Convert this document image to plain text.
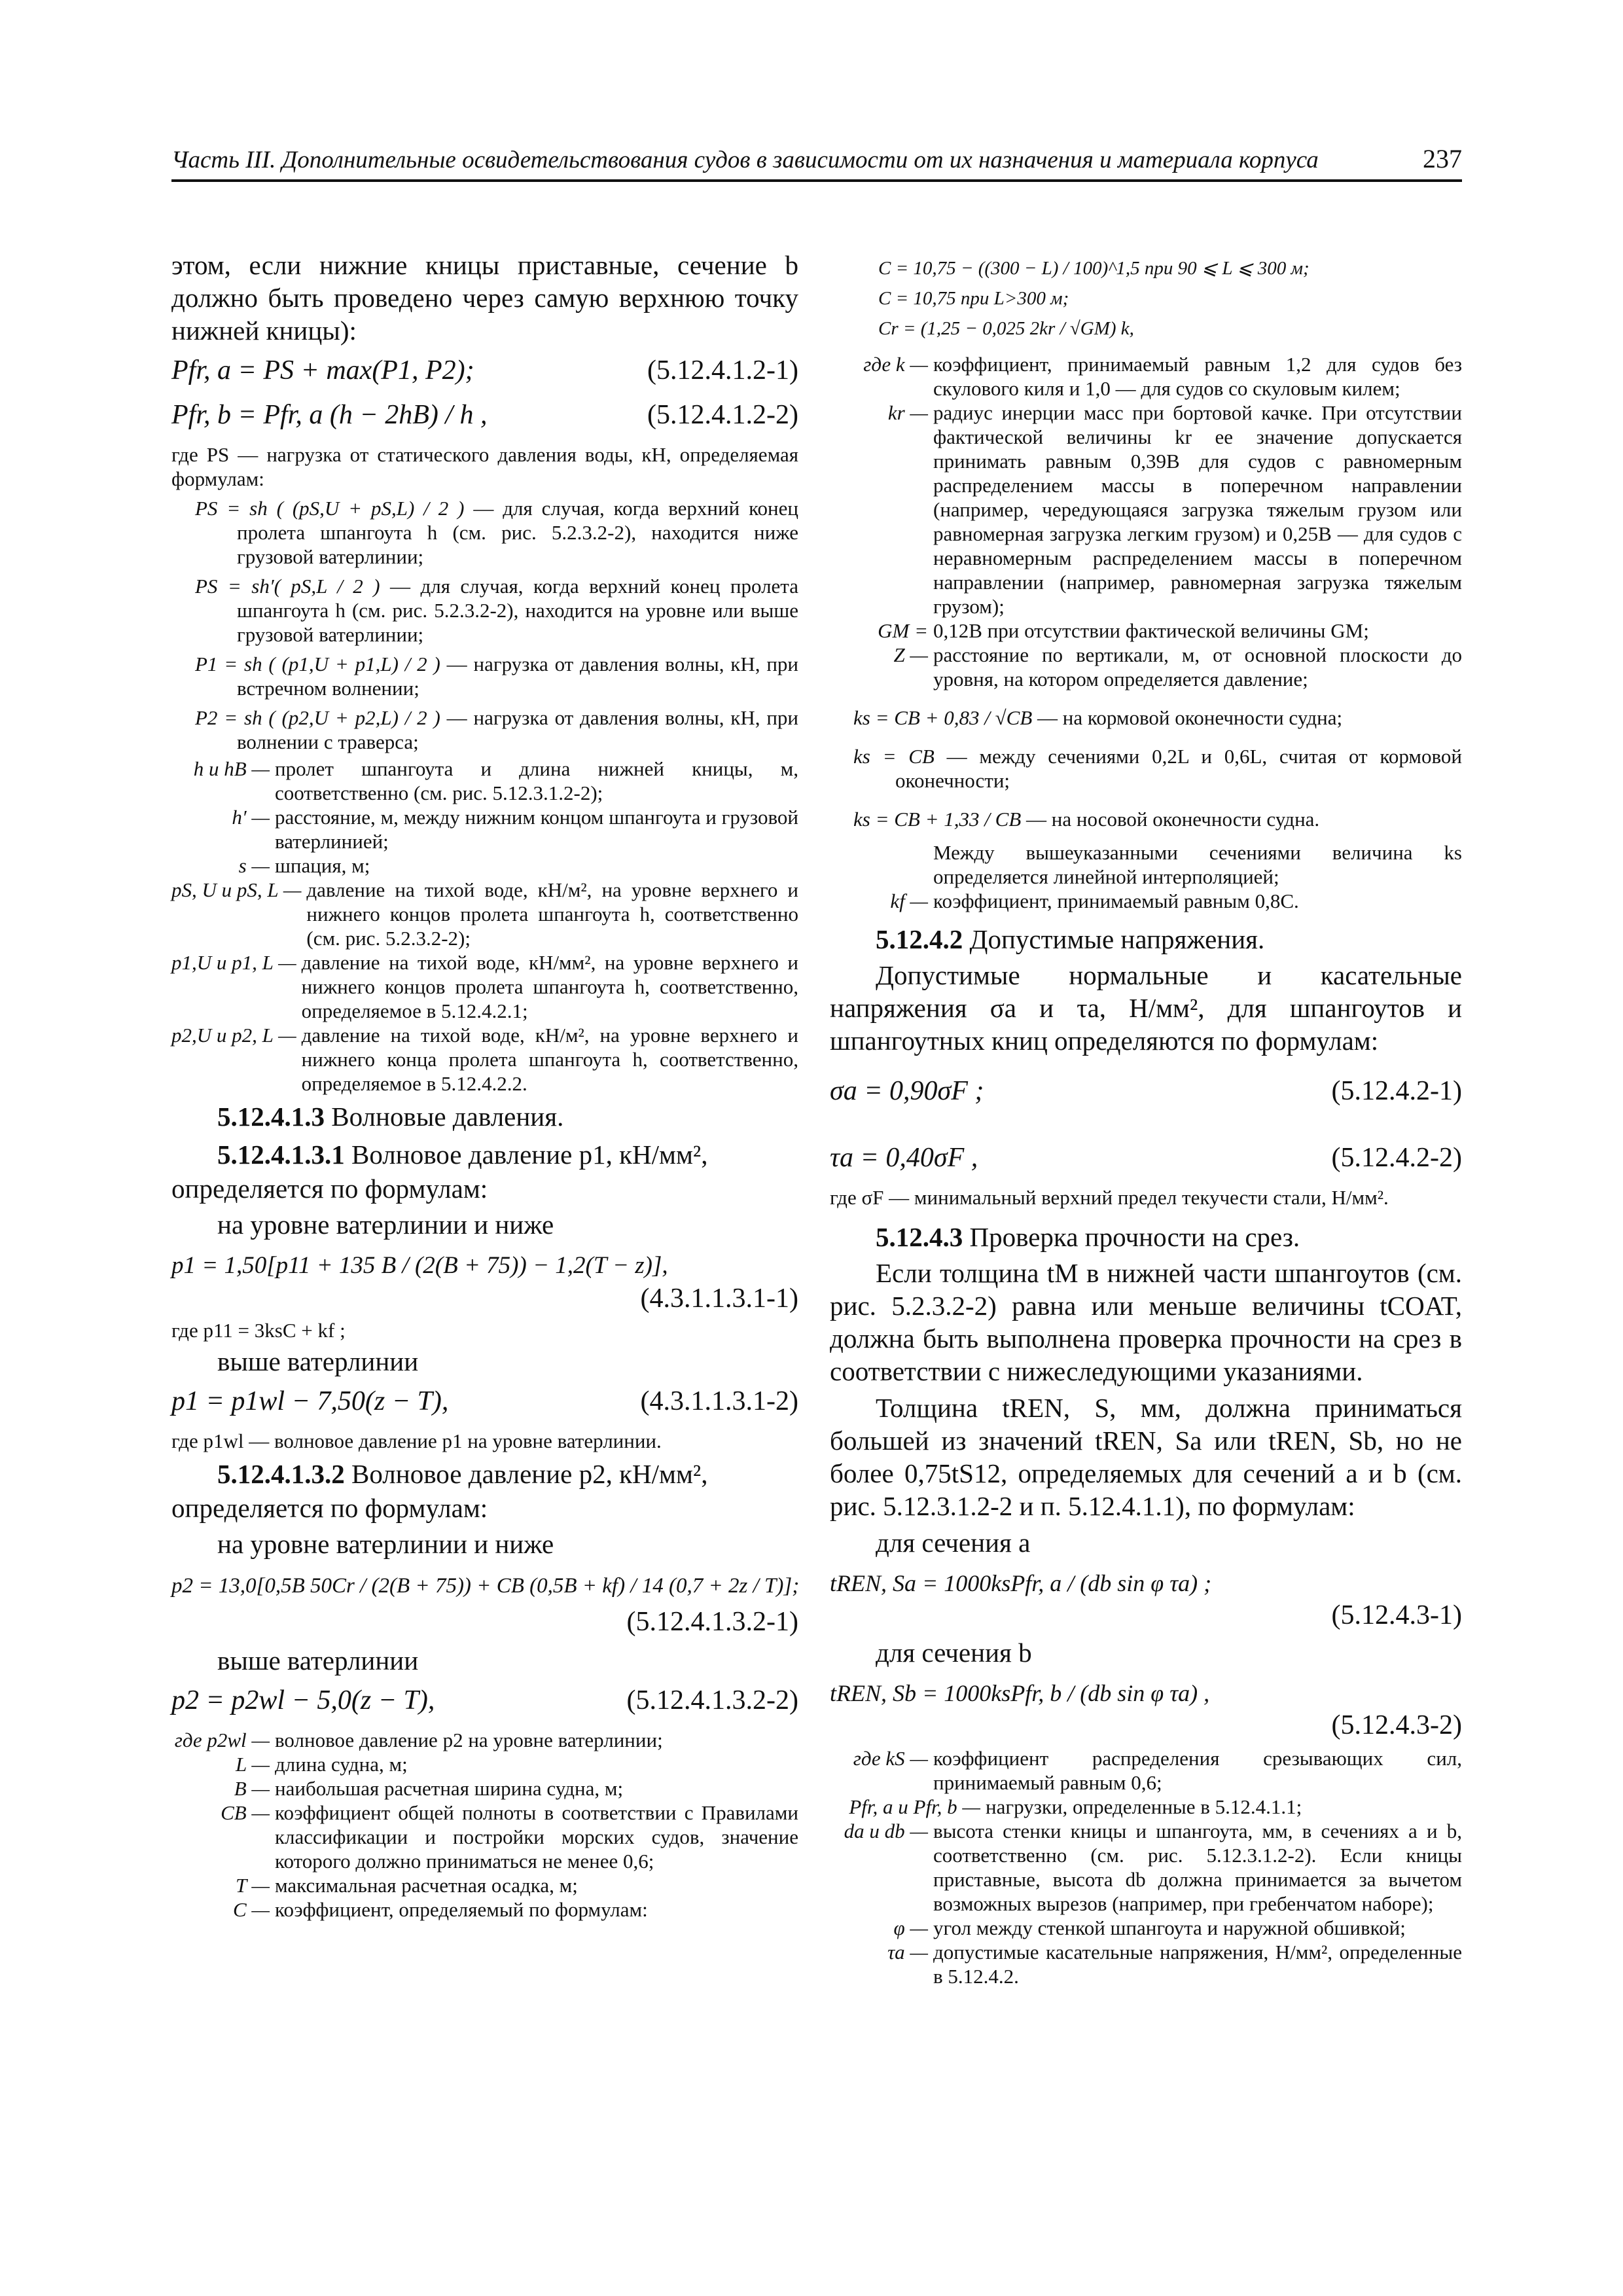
Часть III. Дополнительные освидетельствования судов в зависимости от их назначения и материала корпуса	237

этом, если нижние кницы приставные, сечение b должно быть проведено через самую верхнюю точку нижней кницы):

Pfr, a = PS + max(P1, P2);	(5.12.4.1.2-1)
Pfr, b = Pfr, a (h − 2hB) / h ,	(5.12.4.1.2-2)

где PS — нагрузка от статического давления воды, кН, определяемая формулам:

PS = sh ( (pS,U + pS,L) / 2 ) — для случая, когда верхний конец пролета шпангоута h (см. рис. 5.2.3.2-2), находится ниже грузовой ватерлинии;

PS = sh′( pS,L / 2 ) — для случая, когда верхний конец пролета шпангоута h (см. рис. 5.2.3.2-2), находится на уровне или выше грузовой ватерлинии;

P1 = sh ( (p1,U + p1,L) / 2 ) — нагрузка от давления волны, кН, при встречном волнении;

P2 = sh ( (p2,U + p2,L) / 2 ) — нагрузка от давления волны, кН, при волнении с траверса;

h и hB — пролет шпангоута и длина нижней кницы, м, соответственно (см. рис. 5.12.3.1.2-2);
h′ — расстояние, м, между нижним концом шпангоута и грузовой ватерлинией;
s — шпация, м;
pS, U и pS, L — давление на тихой воде, кН/м², на уровне верхнего и нижнего концов пролета шпангоута h, соответственно (см. рис. 5.2.3.2-2);
p1,U и p1, L — давление на тихой воде, кН/мм², на уровне верхнего и нижнего концов пролета шпангоута h, соответственно, определяемое в 5.12.4.2.1;
p2,U и p2, L — давление на тихой воде, кН/м², на уровне верхнего и нижнего конца пролета шпангоута h, соответственно, определяемое в 5.12.4.2.2.

5.12.4.1.3 Волновые давления.

5.12.4.1.3.1 Волновое давление p1, кН/мм², определяется по формулам:

на уровне ватерлинии и ниже

p1 = 1,50[p11 + 135 B / (2(B + 75)) − 1,2(T − z)],
(4.3.1.1.3.1-1)

где p11 = 3ksC + kf ;

выше ватерлинии

p1 = p1wl − 7,50(z − T),	(4.3.1.1.3.1-2)

где p1wl — волновое давление p1 на уровне ватерлинии.

5.12.4.1.3.2 Волновое давление p2, кН/мм², определяется по формулам:

на уровне ватерлинии и ниже

p2 = 13,0[0,5B 50Cr / (2(B + 75)) + CB (0,5B + kf) / 14 (0,7 + 2z / T)];
(5.12.4.1.3.2-1)

выше ватерлинии

p2 = p2wl − 5,0(z − T),	(5.12.4.1.3.2-2)
где p2wl — волновое давление p2 на уровне ватерлинии;
L — длина судна, м;
B — наибольшая расчетная ширина судна, м;
CB — коэффициент общей полноты в соответствии с Правилами классификации и постройки морских судов, значение которого должно приниматься не менее 0,6;
T — максимальная расчетная осадка, м;
C — коэффициент, определяемый по формулам:

C = 10,75 − ((300 − L) / 100)^1,5 при 90 ⩽ L ⩽ 300 м;

C = 10,75 при L>300 м;

Cr = (1,25 − 0,025 2kr / √GM) k,

где k — коэффициент, принимаемый равным 1,2 для судов без скулового киля и 1,0 — для судов со скуловым килем;
kr — радиус инерции масс при бортовой качке. При отсутствии фактической величины kr ее значение допускается принимать равным 0,39B для судов с равномерным распределением массы в поперечном направлении (например, чередующаяся загрузка тяжелым грузом или равномерная загрузка легким грузом) и 0,25B — для судов с неравномерным распределением массы в поперечном направлении (например, равномерная загрузка тяжелым грузом);
GM = 0,12B при отсутствии фактической величины GM;
Z — расстояние по вертикали, м, от основной плоскости до уровня, на котором определяется давление;

ks = CB + 0,83 / √CB — на кормовой оконечности судна;

ks = CB — между сечениями 0,2L и 0,6L, считая от кормовой оконечности;

ks = CB + 1,33 / CB — на носовой оконечности судна.

Между вышеуказанными сечениями величина ks определяется линейной интерполяцией;

kf — коэффициент, принимаемый равным 0,8C.

5.12.4.2 Допустимые напряжения.

Допустимые нормальные и касательные напряжения σa и τa, Н/мм², для шпангоутов и шпангоутных книц определяются по формулам:

σa = 0,90σF ;	(5.12.4.2-1)
τa = 0,40σF ,	(5.12.4.2-2)

где σF — минимальный верхний предел текучести стали, Н/мм².

5.12.4.3 Проверка прочности на срез.

Если толщина tM в нижней части шпангоутов (см. рис. 5.2.3.2-2) равна или меньше величины tCOAT, должна быть выполнена проверка прочности на срез в соответствии с нижеследующими указаниями.

Толщина tREN, S, мм, должна приниматься большей из значений tREN, Sa или tREN, Sb, но не более 0,75tS12, определяемых для сечений a и b (см. рис. 5.12.3.1.2-2 и п. 5.12.4.1.1), по формулам:

для сечения a

tREN, Sa = 1000ksPfr, a / (db sin φ τa) ;
(5.12.4.3-1)

для сечения b

tREN, Sb = 1000ksPfr, b / (db sin φ τa) ,
(5.12.4.3-2)
где kS — коэффициент распределения срезывающих сил, принимаемый равным 0,6;
Pfr, a и Pfr, b — нагрузки, определенные в 5.12.4.1.1;
da и db — высота стенки кницы и шпангоута, мм, в сечениях a и b, соответственно (см. рис. 5.12.3.1.2-2). Если кницы приставные, высота db должна принимается за вычетом возможных вырезов (например, при гребенчатом наборе);
φ — угол между стенкой шпангоута и наружной обшивкой;
τa — допустимые касательные напряжения, Н/мм², определенные в 5.12.4.2.
